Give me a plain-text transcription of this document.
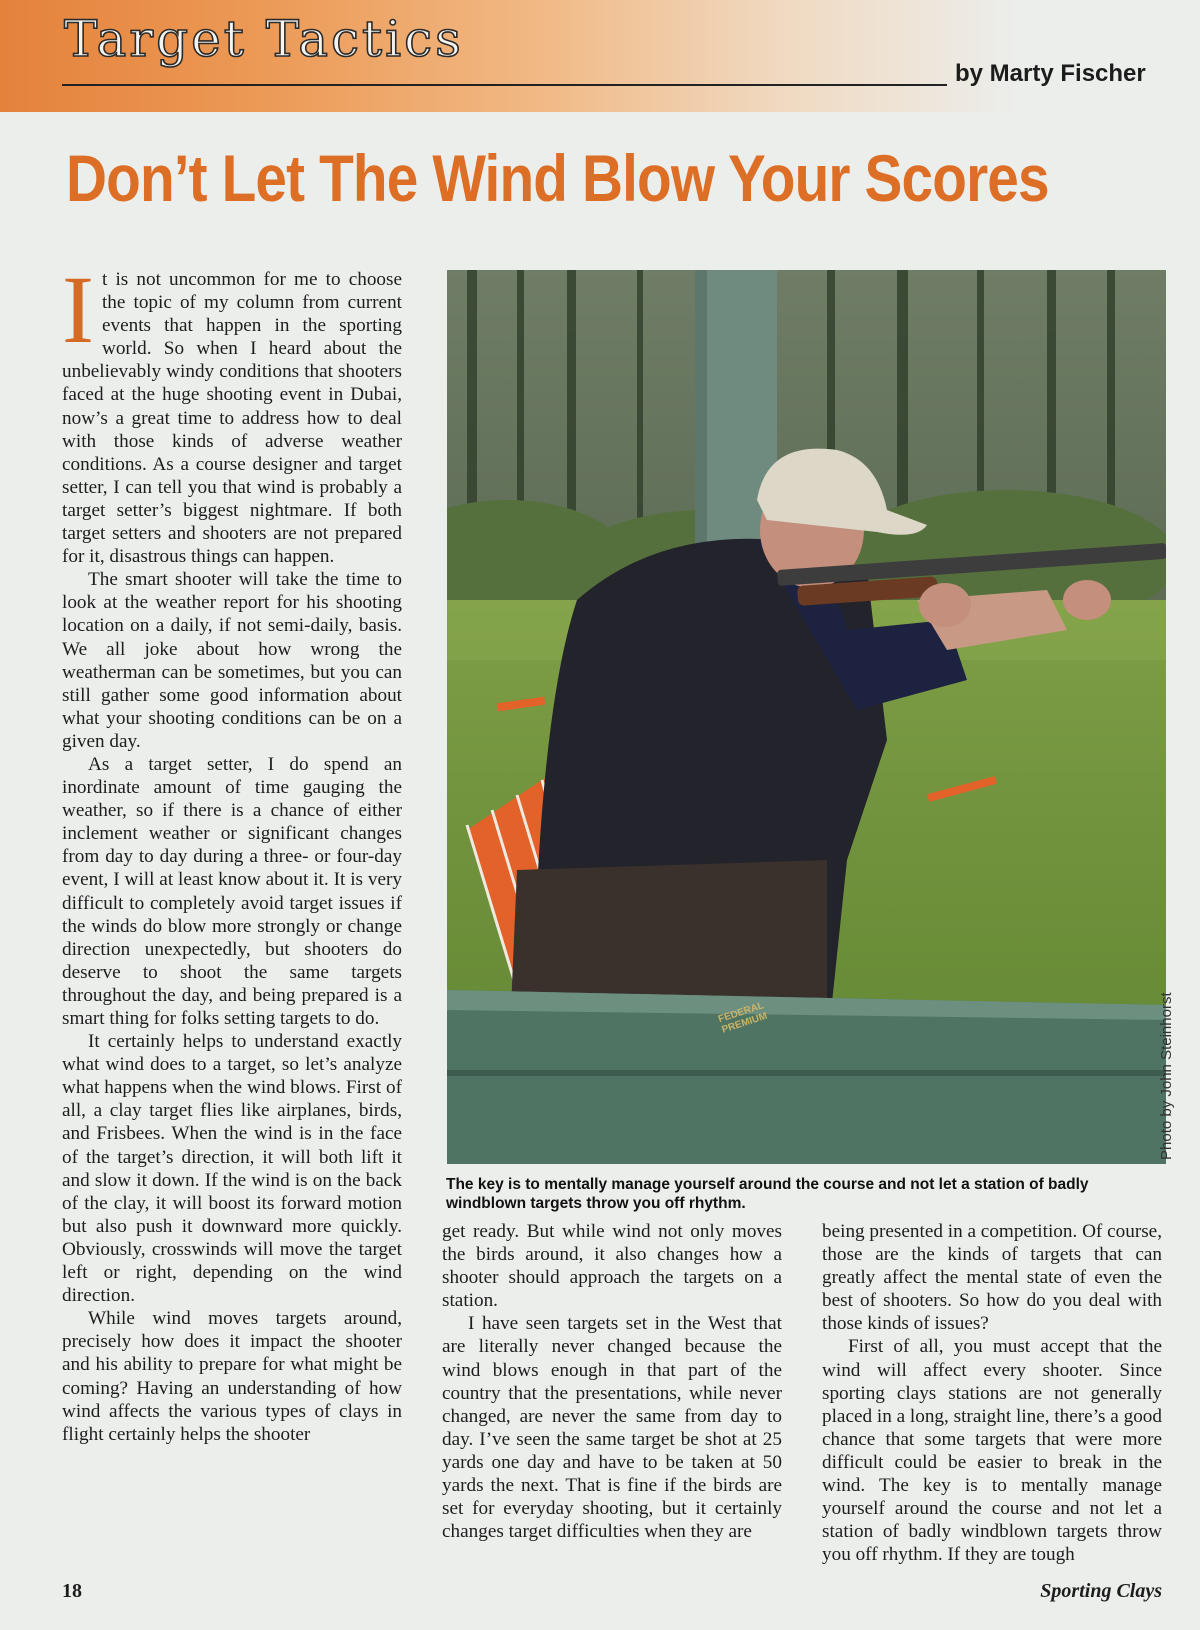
Target Tactics
by Marty Fischer
Don’t Let The Wind Blow Your Scores

It is not uncommon for me to choose the topic of my column from current events that happen in the sporting world. So when I heard about the unbelievably windy conditions that shooters faced at the huge shooting event in Dubai, now’s a great time to address how to deal with those kinds of adverse weather conditions. As a course designer and target setter, I can tell you that wind is probably a target setter’s biggest nightmare. If both target setters and shooters are not prepared for it, disastrous things can happen.

The smart shooter will take the time to look at the weather report for his shooting location on a daily, if not semi-daily, basis. We all joke about how wrong the weatherman can be sometimes, but you can still gather some good information about what your shooting conditions can be on a given day.

As a target setter, I do spend an inordinate amount of time gauging the weather, so if there is a chance of either inclement weather or significant changes from day to day during a three- or four-day event, I will at least know about it. It is very difficult to completely avoid target issues if the winds do blow more strongly or change direction unexpectedly, but shooters do deserve to shoot the same targets throughout the day, and being prepared is a smart thing for folks setting targets to do.

It certainly helps to understand exactly what wind does to a target, so let’s analyze what happens when the wind blows. First of all, a clay target flies like airplanes, birds, and Frisbees. When the wind is in the face of the target’s direction, it will both lift it and slow it down. If the wind is on the back of the clay, it will boost its forward motion but also push it downward more quickly. Obviously, crosswinds will move the target left or right, depending on the wind direction.

While wind moves targets around, precisely how does it impact the shooter and his ability to prepare for what might be coming? Having an understanding of how wind affects the various types of clays in flight certainly helps the shooter

FEDERAL PREMIUM	Photo by John Steinhorst
The key is to mentally manage yourself around the course and not let a station of badly windblown targets throw you off rhythm.

get ready. But while wind not only moves the birds around, it also changes how a shooter should approach the targets on a station.

I have seen targets set in the West that are literally never changed because the wind blows enough in that part of the country that the presentations, while never changed, are never the same from day to day. I’ve seen the same target be shot at 25 yards one day and have to be taken at 50 yards the next. That is fine if the birds are set for everyday shooting, but it certainly changes target difficulties when they are

being presented in a competition. Of course, those are the kinds of targets that can greatly affect the mental state of even the best of shooters. So how do you deal with those kinds of issues?

First of all, you must accept that the wind will affect every shooter. Since sporting clays stations are not generally placed in a long, straight line, there’s a good chance that some targets that were more difficult could be easier to break in the wind. The key is to mentally manage yourself around the course and not let a station of badly windblown targets throw you off rhythm. If they are tough

18	Sporting Clays
